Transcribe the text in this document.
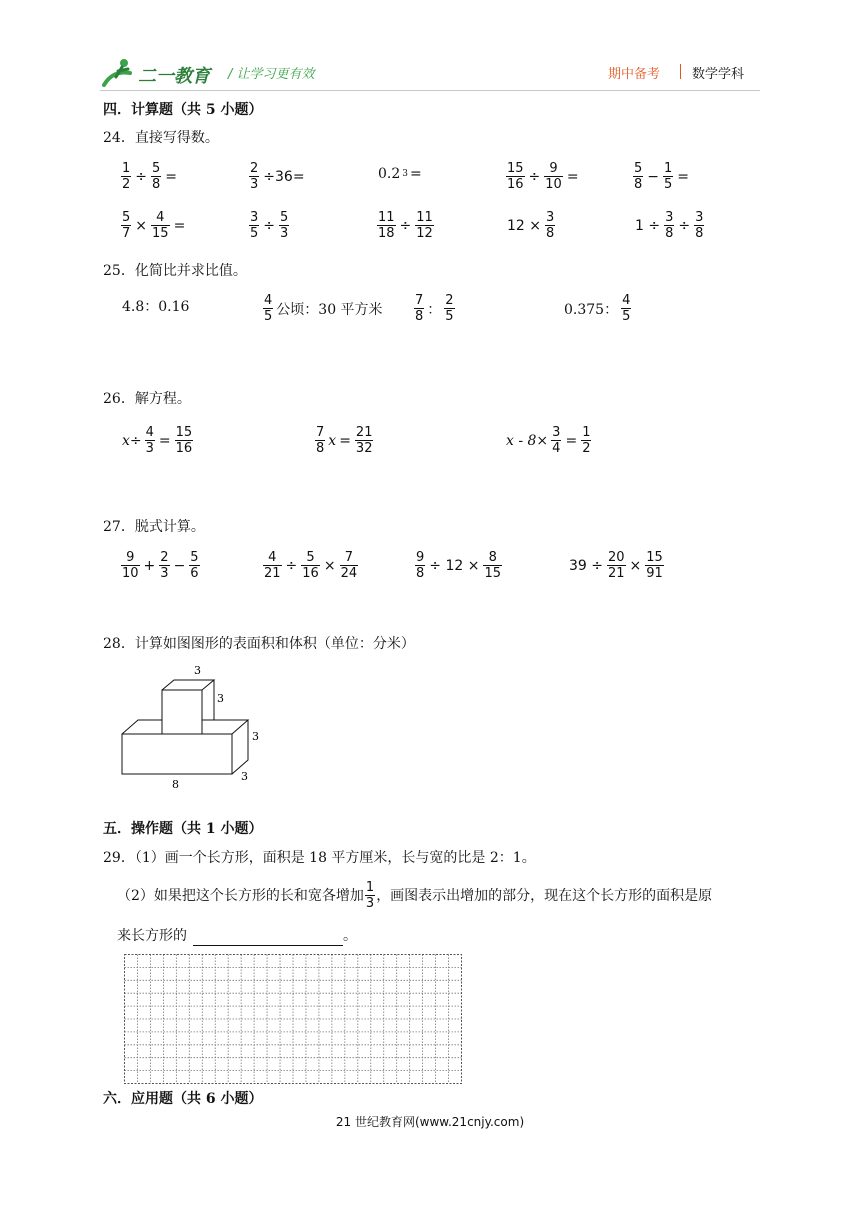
二一教育 / 让学习更有效	期中备考 数学学科
四．计算题（共 5 小题）
24．直接写得数。
$\frac{1}{2} \div \frac{5}{8}$ =	$\frac{2}{3} \div 36=$	0.2 3 =	$\frac{15}{16} \div \frac{9}{10}$ =	$\frac{5}{8} - \frac{1}{5}$ =
$\frac{5}{7} \times \frac{4}{15}$ =	$\frac{3}{5} \div \frac{5}{3}$	$\frac{11}{18} \div \frac{11}{12}$	$12 \times \frac{3}{8}$	$1 \div \frac{3}{8} \div \frac{3}{8}$
25．化简比并求比值。
4.8：0.16	$\frac{4}{5}$ 公顷：30 平方米 $\frac{7}{8}$ ： $\frac{2}{5}$	0.375： $\frac{4}{5}$
26．解方程。
$x\div \frac{4}{3} = \frac{15}{16}$	$\frac{7}{8}$ $x = \frac{21}{32}$	$x - 8\times \frac{3}{4} = \frac{1}{2}$
27．脱式计算。
$\frac{9}{10} + \frac{2}{3} - \frac{5}{6}$	$\frac{4}{21} \div \frac{5}{16} \times \frac{7}{24}$	$\frac{9}{8} \div 12 \times \frac{8}{15}$	$39 \div \frac{20}{21} \times \frac{15}{91}$
28．计算如图图形的表面积和体积（单位：分米）
3
3
3
3
8
五．操作题（共 1 小题）
29．（1）画一个长方形，面积是 18 平方厘米，长与宽的比是 2：1。
（2）如果把这个长方形的长和宽各增加 $\frac{1}{3}$ ，画图表示出增加的部分，现在这个长方形的面积是原
来长方形的	。
六．应用题（共 6 小题）
21 世纪教育网(www.21cnjy.com)
